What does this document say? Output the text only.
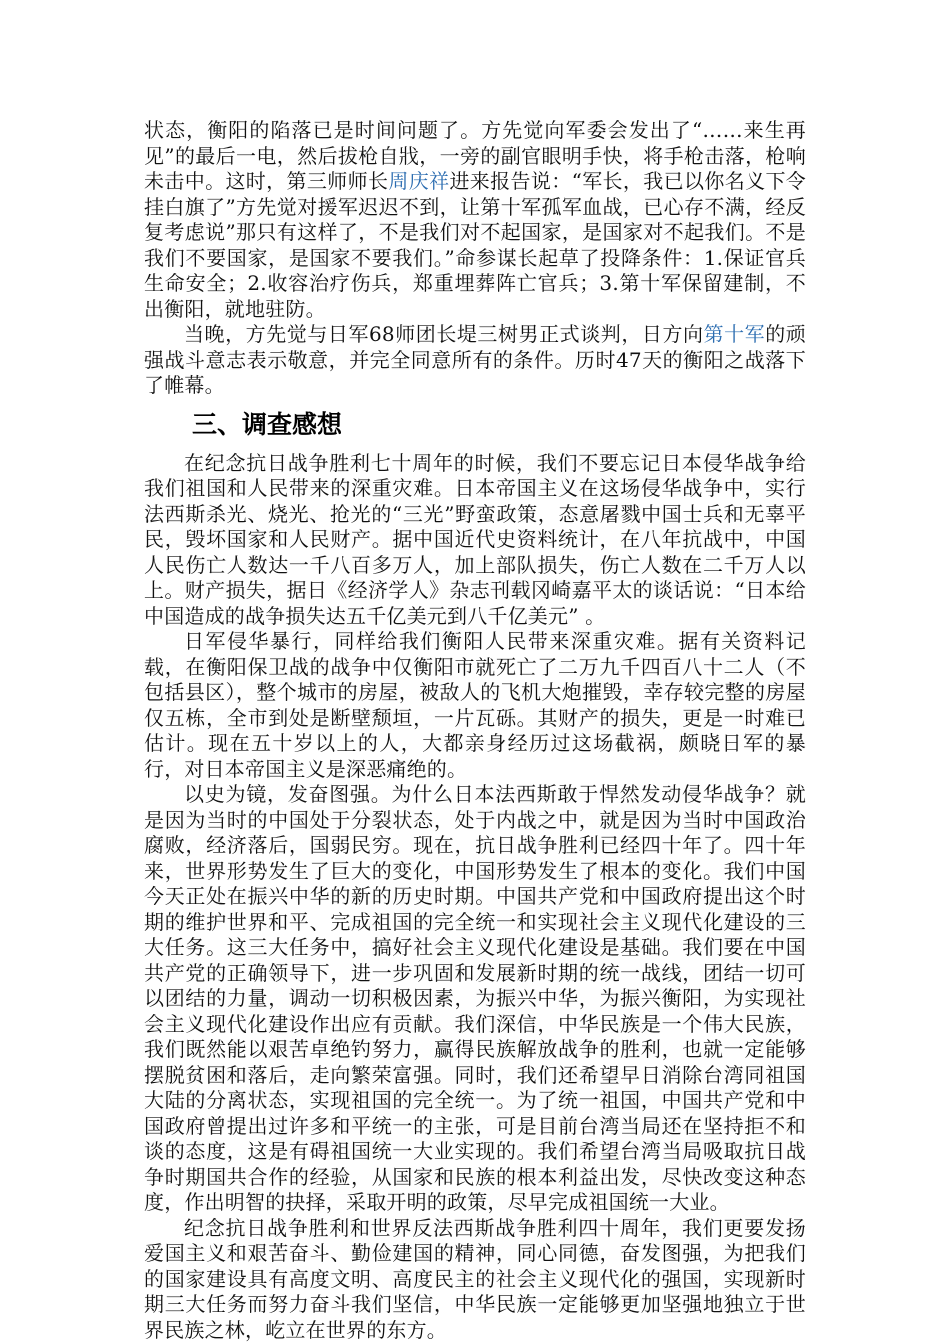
状态，衡阳的陷落已是时间问题了。方先觉向军委会发出了“……来生再见”的最后一电，然后拔枪自戕，一旁的副官眼明手快，将手枪击落，枪响未击中。这时，第三师师长周庆祥进来报告说：“军长，我已以你名义下令挂白旗了”方先觉对援军迟迟不到，让第十军孤军血战，已心存不满，经反复考虑说”那只有这样了，不是我们对不起国家，是国家对不起我们。不是我们不要国家，是国家不要我们。”命参谋长起草了投降条件：1.保证官兵生命安全；2.收容治疗伤兵，郑重埋葬阵亡官兵；3.第十军保留建制，不出衡阳，就地驻防。

当晚，方先觉与日军68师团长堤三树男正式谈判，日方向第十军的顽强战斗意志表示敬意，并完全同意所有的条件。历时47天的衡阳之战落下了帷幕。

三、调查感想

在纪念抗日战争胜利七十周年的时候，我们不要忘记日本侵华战争给我们祖国和人民带来的深重灾难。日本帝国主义在这场侵华战争中，实行法西斯杀光、烧光、抢光的“三光”野蛮政策，态意屠戮中国士兵和无辜平民，毁坏国家和人民财产。据中国近代史资料统计，在八年抗战中，中国人民伤亡人数达一千八百多万人，加上部队损失，伤亡人数在二千万人以上。财产损失，据日《经济学人》杂志刊载冈崎嘉平太的谈话说：“日本给中国造成的战争损失达五千亿美元到八千亿美元” 。

日军侵华暴行，同样给我们衡阳人民带来深重灾难。据有关资料记载，在衡阳保卫战的战争中仅衡阳市就死亡了二万九千四百八十二人（不包括县区），整个城市的房屋，被敌人的飞机大炮摧毁，幸存较完整的房屋仅五栋，全市到处是断壁颓垣，一片瓦砾。其财产的损失，更是一时难已估计。现在五十岁以上的人，大都亲身经历过这场截祸，颇晓日军的暴行，对日本帝国主义是深恶痛绝的。

以史为镜，发奋图强。为什么日本法西斯敢于悍然发动侵华战争？就是因为当时的中国处于分裂状态，处于内战之中，就是因为当时中国政治腐败，经济落后，国弱民穷。现在，抗日战争胜利已经四十年了。四十年来，世界形势发生了巨大的变化，中国形势发生了根本的变化。我们中国今天正处在振兴中华的新的历史时期。中国共产党和中国政府提出这个时期的维护世界和平、完成祖国的完全统一和实现社会主义现代化建设的三大任务。这三大任务中，搞好社会主义现代化建设是基础。我们要在中国共产党的正确领导下，进一步巩固和发展新时期的统一战线，团结一切可以团结的力量，调动一切积极因素，为振兴中华，为振兴衡阳，为实现社会主义现代化建设作出应有贡献。我们深信，中华民族是一个伟大民族，我们既然能以艰苦卓绝钓努力，赢得民族解放战争的胜利，也就一定能够摆脱贫困和落后，走向繁荣富强。同时，我们还希望早日消除台湾同祖国大陆的分离状态，实现祖国的完全统一。为了统一祖国，中国共产党和中国政府曾提出过许多和平统一的主张，可是目前台湾当局还在坚持拒不和谈的态度，这是有碍祖国统一大业实现的。我们希望台湾当局吸取抗日战争时期国共合作的经验，从国家和民族的根本利益出发，尽快改变这种态度，作出明智的抉择，采取开明的政策，尽早完成祖国统一大业。

纪念抗日战争胜利和世界反法西斯战争胜利四十周年，我们更要发扬爱国主义和艰苦奋斗、勤俭建国的精神，同心同德，奋发图强，为把我们的国家建设具有高度文明、高度民主的社会主义现代化的强国，实现新时期三大任务而努力奋斗我们坚信，中华民族一定能够更加坚强地独立于世界民族之林，屹立在世界的东方。
